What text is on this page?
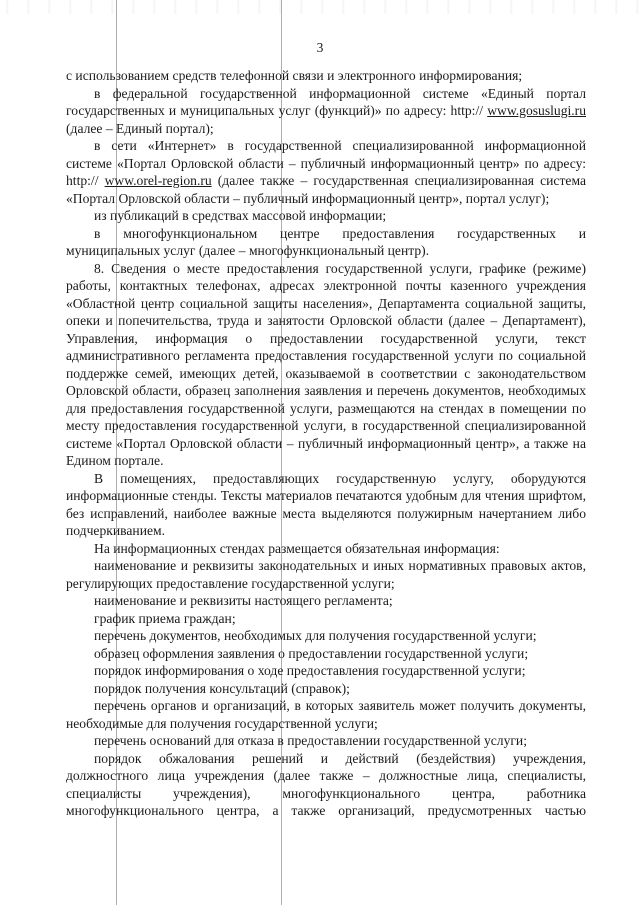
3

с использованием средств телефонной связи и электронного информирования;

в федеральной государственной информационной системе «Единый портал государственных и муниципальных услуг (функций)» по адресу: http:// www.gosuslugi.ru (далее – Единый портал);

в сети «Интернет» в государственной специализированной информационной системе «Портал Орловской области – публичный информационный центр» по адресу: http:// www.orel-region.ru (далее также – государственная специализированная система «Портал Орловской области – публичный информационный центр», портал услуг);

из публикаций в средствах массовой информации;

в многофункциональном центре предоставления государственных и муниципальных услуг (далее – многофункциональный центр).

8. Сведения о месте предоставления государственной услуги, графике (режиме) работы, контактных телефонах, адресах электронной почты казенного учреждения «Областной центр социальной защиты населения», Департамента социальной защиты, опеки и попечительства, труда и занятости Орловской области (далее – Департамент), Управления, информация о предоставлении государственной услуги, текст административного регламента предоставления государственной услуги по социальной поддержке семей, имеющих детей, оказываемой в соответствии с законодательством Орловской области, образец заполнения заявления и перечень документов, необходимых для предоставления государственной услуги, размещаются на стендах в помещении по месту предоставления государственной услуги, в государственной специализированной системе «Портал Орловской области – публичный информационный центр», а также на Едином портале.

В помещениях, предоставляющих государственную услугу, оборудуются информационные стенды. Тексты материалов печатаются удобным для чтения шрифтом, без исправлений, наиболее важные места выделяются полужирным начертанием либо подчеркиванием.

На информационных стендах размещается обязательная информация:

наименование и реквизиты законодательных и иных нормативных правовых актов, регулирующих предоставление государственной услуги;

наименование и реквизиты настоящего регламента;

график приема граждан;

перечень документов, необходимых для получения государственной услуги;

образец оформления заявления о предоставлении государственной услуги;

порядок информирования о ходе предоставления государственной услуги;

порядок получения консультаций (справок);

перечень органов и организаций, в которых заявитель может получить документы, необходимые для получения государственной услуги;

перечень оснований для отказа в предоставлении государственной услуги;

порядок обжалования решений и действий (бездействия) учреждения, должностного лица учреждения (далее также – должностные лица, специалисты, специалисты учреждения), многофункционального центра, работника многофункционального центра, а также организаций, предусмотренных частью
